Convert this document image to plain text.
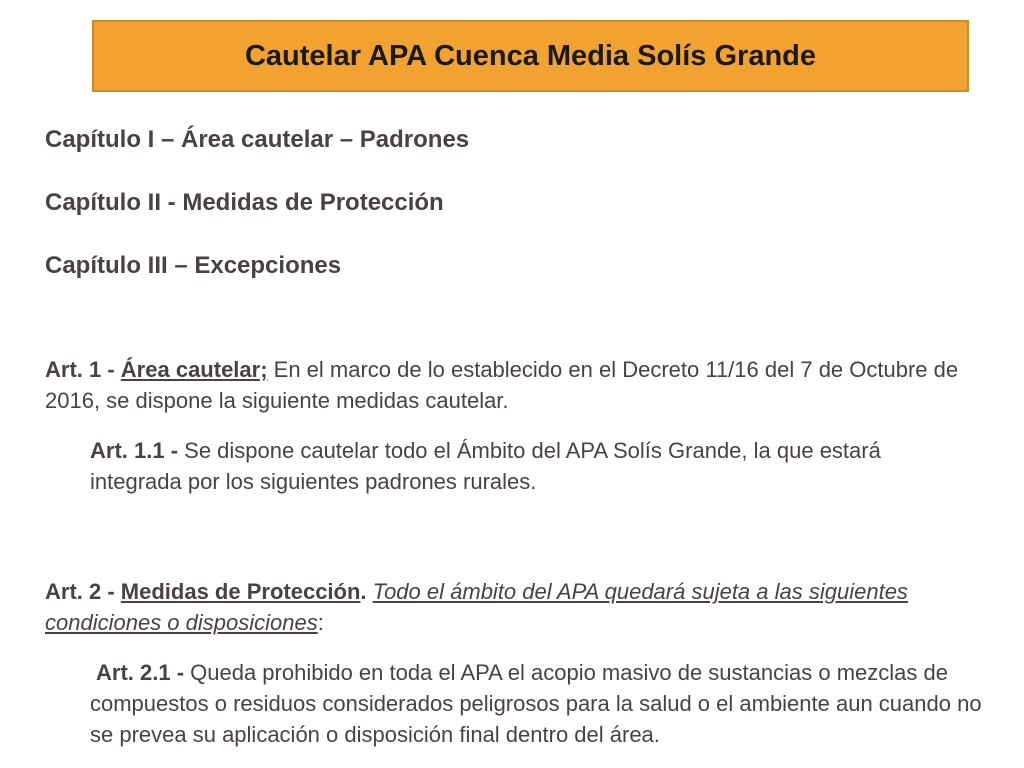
Cautelar APA Cuenca Media Solís Grande
Capítulo I – Área cautelar – Padrones
Capítulo II - Medidas de Protección
Capítulo III – Excepciones

Art. 1 - Área cautelar; En el marco de lo establecido en el Decreto 11/16 del 7 de Octubre de 2016, se dispone la siguiente medidas cautelar.

Art. 1.1 - Se dispone cautelar todo el Ámbito del APA Solís Grande, la que estará integrada por los siguientes padrones rurales.

Art. 2 - Medidas de Protección. Todo el ámbito del APA quedará sujeta a las siguientes condiciones o disposiciones:

Art. 2.1 - Queda prohibido en toda el APA el acopio masivo de sustancias o mezclas de compuestos o residuos considerados peligrosos para la salud o el ambiente aun cuando no se prevea su aplicación o disposición final dentro del área.
